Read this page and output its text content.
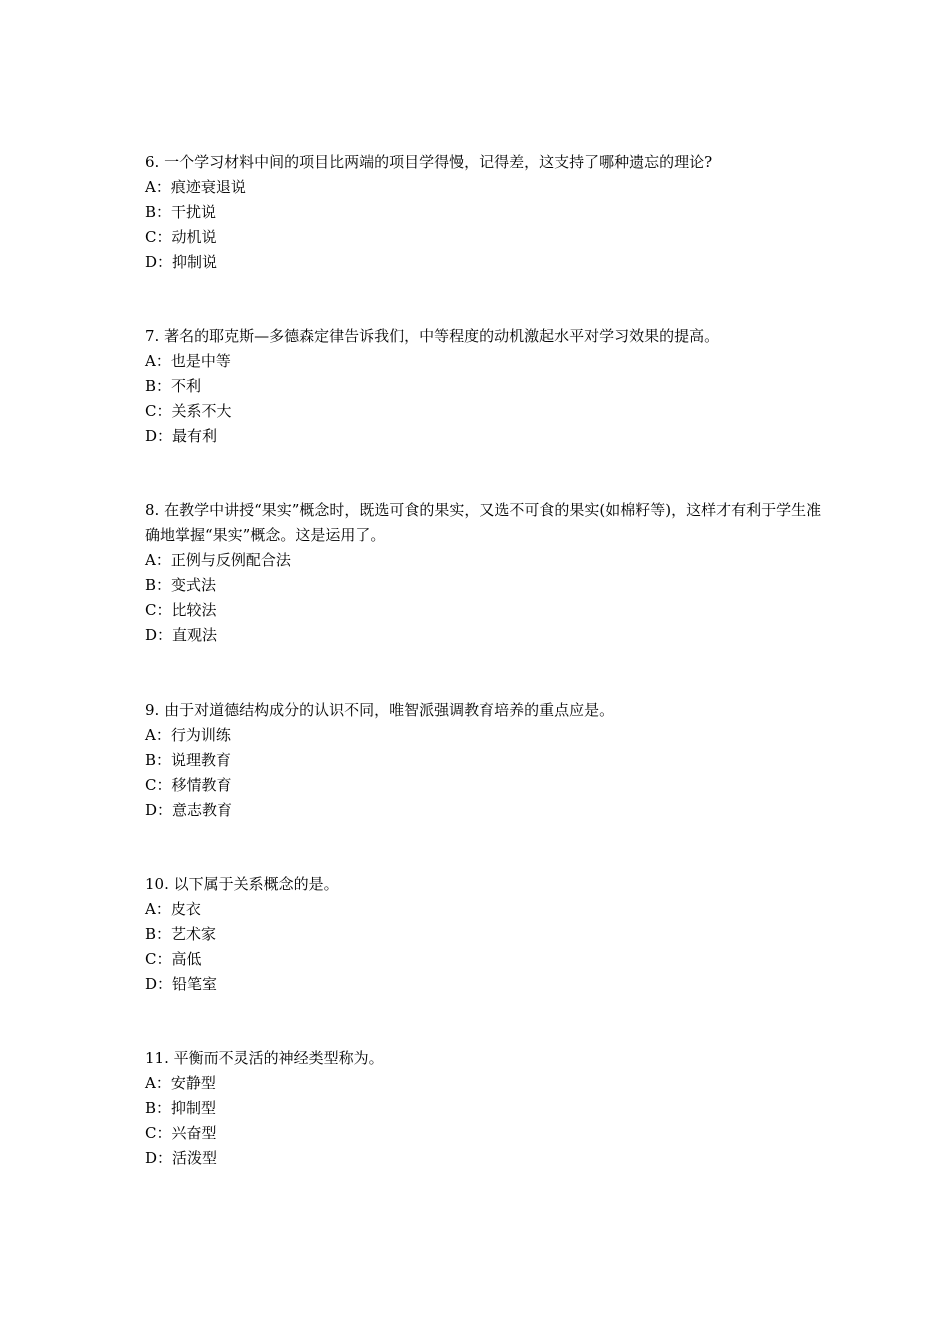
6. 一个学习材料中间的项目比两端的项目学得慢，记得差，这支持了哪种遗忘的理论?

A：痕迹衰退说

B：干扰说

C：动机说

D：抑制说

7. 著名的耶克斯—多德森定律告诉我们，中等程度的动机激起水平对学习效果的提高。

A：也是中等

B：不利

C：关系不大

D：最有利

8. 在教学中讲授“果实”概念时，既选可食的果实，又选不可食的果实(如棉籽等)，这样才有利于学生准确地掌握“果实”概念。这是运用了。

A：正例与反例配合法

B：变式法

C：比较法

D：直观法

9. 由于对道德结构成分的认识不同，唯智派强调教育培养的重点应是。

A：行为训练

B：说理教育

C：移情教育

D：意志教育

10. 以下属于关系概念的是。

A：皮衣

B：艺术家

C：高低

D：铅笔室

11. 平衡而不灵活的神经类型称为。

A：安静型

B：抑制型

C：兴奋型

D：活泼型
